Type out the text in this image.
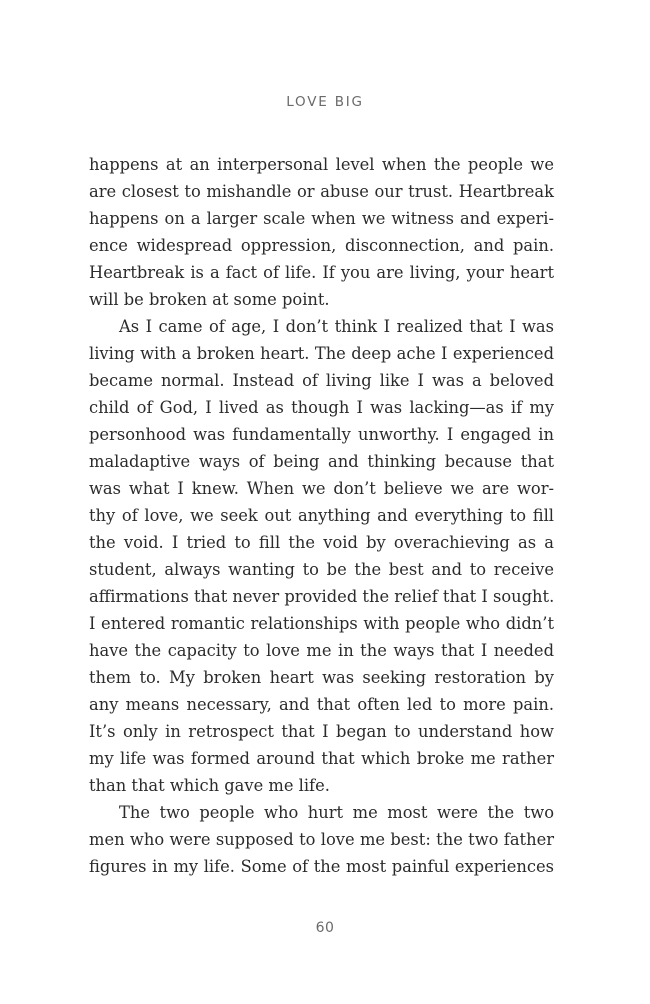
LOVE BIG
happens at an interpersonal level when the people we
are closest to mishandle or abuse our trust. Heartbreak
happens on a larger scale when we witness and experi-
ence widespread oppression, disconnection, and pain.
Heartbreak is a fact of life. If you are living, your heart
will be broken at some point.
As I came of age, I don’t think I realized that I was
living with a broken heart. The deep ache I experienced
became normal. Instead of living like I was a beloved
child of God, I lived as though I was lacking—as if my
personhood was fundamentally unworthy. I engaged in
maladaptive ways of being and thinking because that
was what I knew. When we don’t believe we are wor-
thy of love, we seek out anything and everything to fill
the void. I tried to fill the void by overachieving as a
student, always wanting to be the best and to receive
affirmations that never provided the relief that I sought.
I entered romantic relationships with people who didn’t
have the capacity to love me in the ways that I needed
them to. My broken heart was seeking restoration by
any means necessary, and that often led to more pain.
It’s only in retrospect that I began to understand how
my life was formed around that which broke me rather
than that which gave me life.
The two people who hurt me most were the two
men who were supposed to love me best: the two father
figures in my life. Some of the most painful experiences
60
